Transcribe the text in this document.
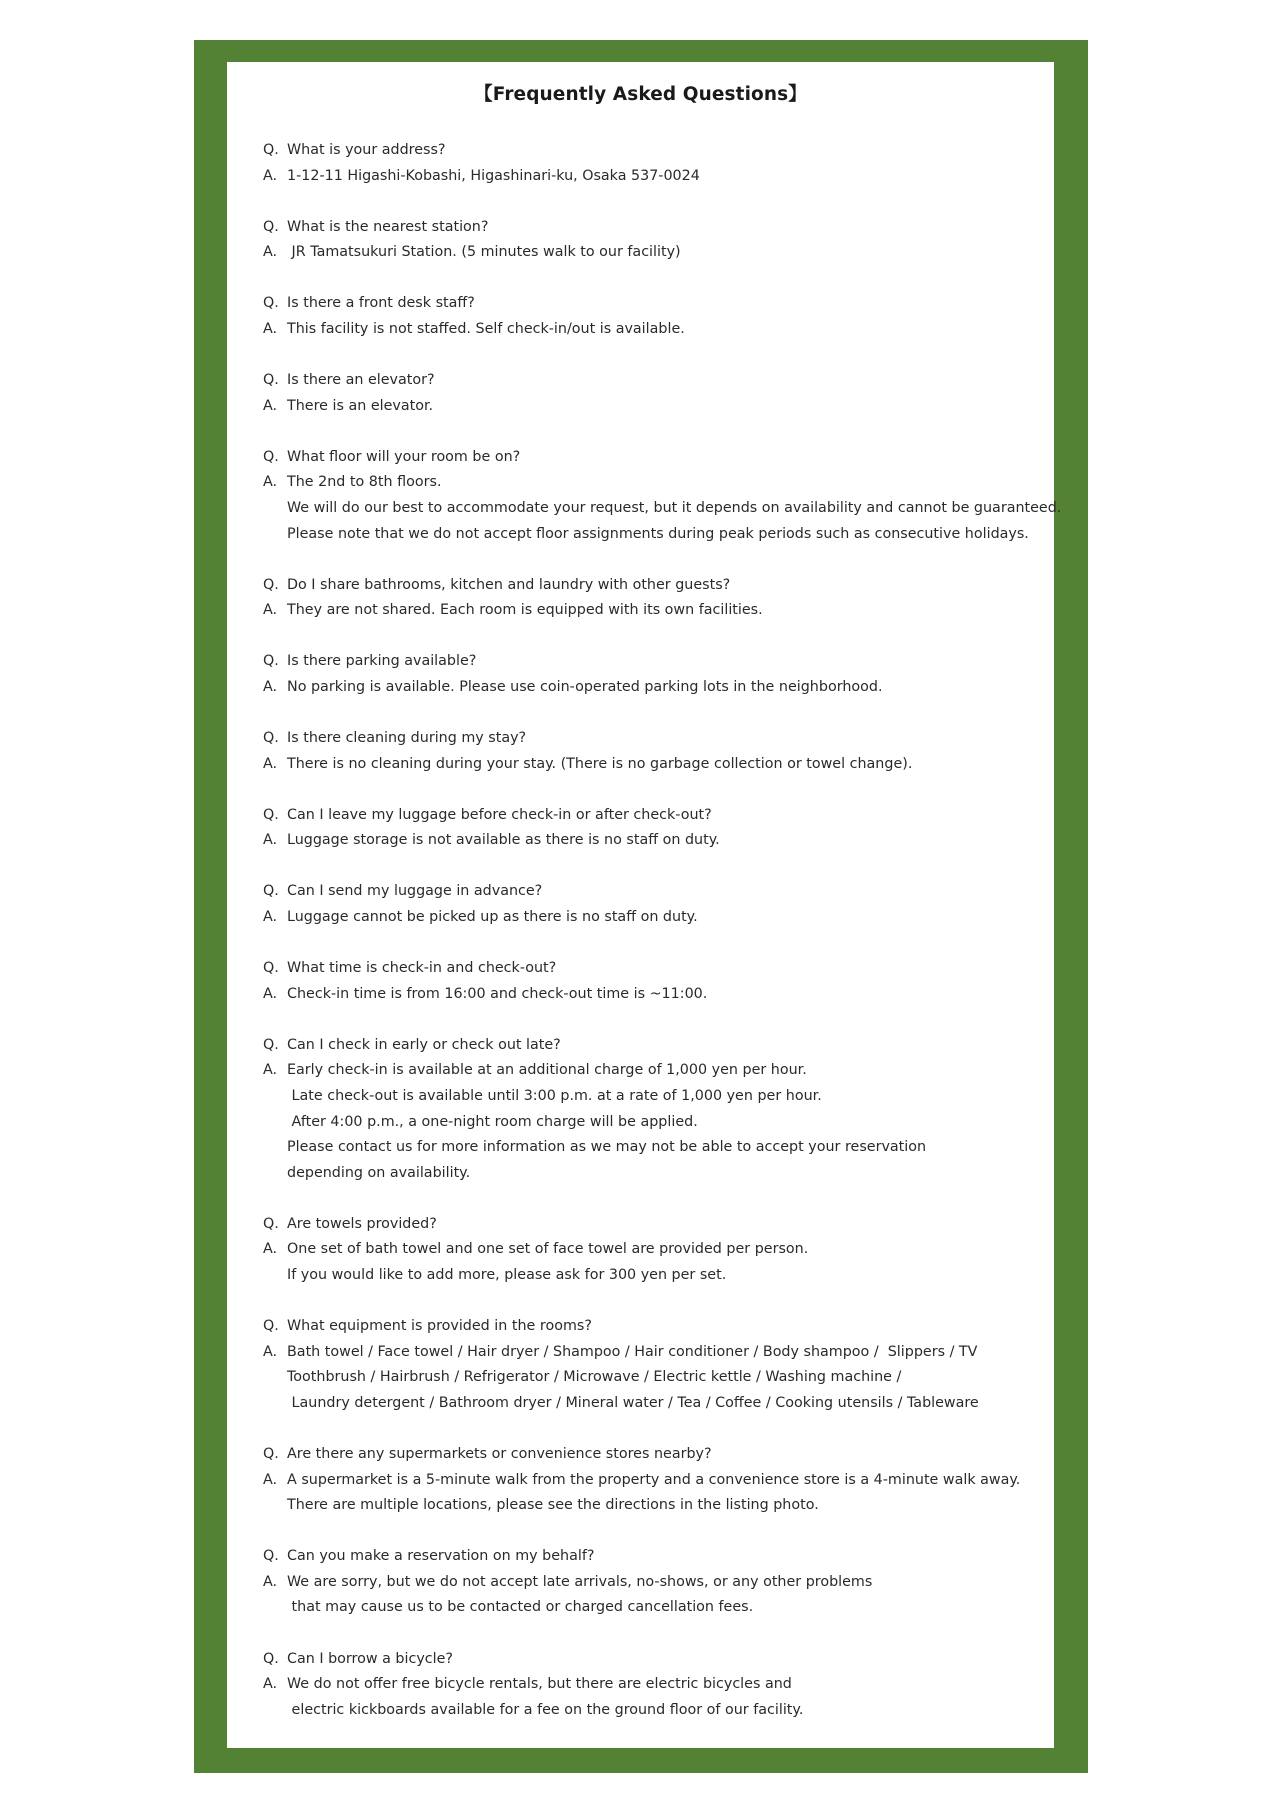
【Frequently Asked Questions】
Q. What is your address?
A. 1-12-11 Higashi-Kobashi, Higashinari-ku, Osaka 537-0024
Q. What is the nearest station?
A. JR Tamatsukuri Station. (5 minutes walk to our facility)
Q. Is there a front desk staff?
A. This facility is not staffed. Self check-in/out is available.
Q. Is there an elevator?
A. There is an elevator.
Q. What floor will your room be on?
A. The 2nd to 8th floors.
We will do our best to accommodate your request, but it depends on availability and cannot be guaranteed.
Please note that we do not accept floor assignments during peak periods such as consecutive holidays.
Q. Do I share bathrooms, kitchen and laundry with other guests?
A. They are not shared. Each room is equipped with its own facilities.
Q. Is there parking available?
A. No parking is available. Please use coin-operated parking lots in the neighborhood.
Q. Is there cleaning during my stay?
A. There is no cleaning during your stay. (There is no garbage collection or towel change).
Q. Can I leave my luggage before check-in or after check-out?
A. Luggage storage is not available as there is no staff on duty.
Q. Can I send my luggage in advance?
A. Luggage cannot be picked up as there is no staff on duty.
Q. What time is check-in and check-out?
A. Check-in time is from 16:00 and check-out time is ~11:00.
Q. Can I check in early or check out late?
A. Early check-in is available at an additional charge of 1,000 yen per hour.
Late check-out is available until 3:00 p.m. at a rate of 1,000 yen per hour.
After 4:00 p.m., a one-night room charge will be applied.
Please contact us for more information as we may not be able to accept your reservation
depending on availability.
Q. Are towels provided?
A. One set of bath towel and one set of face towel are provided per person.
If you would like to add more, please ask for 300 yen per set.
Q. What equipment is provided in the rooms?
A. Bath towel / Face towel / Hair dryer / Shampoo / Hair conditioner / Body shampoo /  Slippers / TV
Toothbrush / Hairbrush / Refrigerator / Microwave / Electric kettle / Washing machine /
Laundry detergent / Bathroom dryer / Mineral water / Tea / Coffee / Cooking utensils / Tableware
Q. Are there any supermarkets or convenience stores nearby?
A. A supermarket is a 5-minute walk from the property and a convenience store is a 4-minute walk away.
There are multiple locations, please see the directions in the listing photo.
Q. Can you make a reservation on my behalf?
A. We are sorry, but we do not accept late arrivals, no-shows, or any other problems
that may cause us to be contacted or charged cancellation fees.
Q. Can I borrow a bicycle?
A. We do not offer free bicycle rentals, but there are electric bicycles and
electric kickboards available for a fee on the ground floor of our facility.
